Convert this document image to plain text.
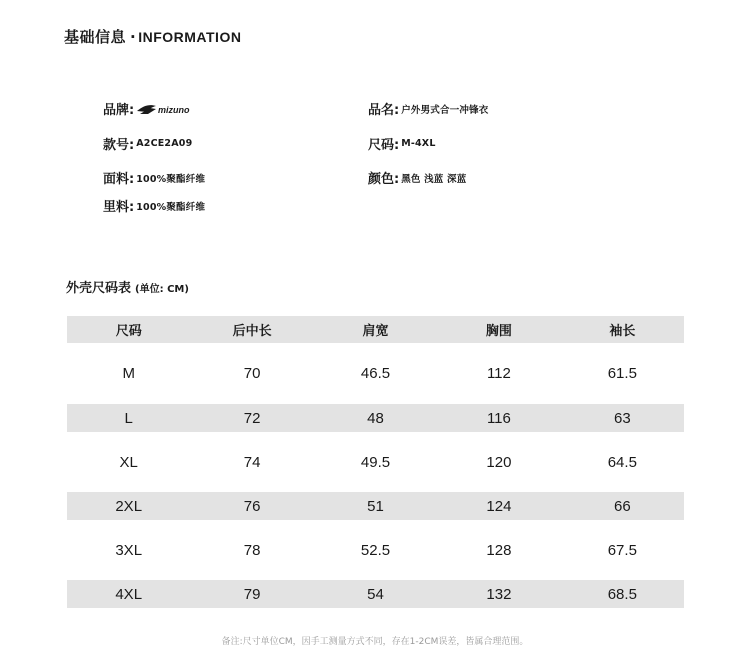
基础信息 · INFORMATION
品牌:	mizuno	品名: 户外男式合一冲锋衣
款号: A2CE2A09	尺码: M-4XL
面料: 100%聚酯纤维	颜色: 黑色 浅蓝 深蓝
里料: 100%聚酯纤维
外壳尺码表 (单位: CM)
尺码	后中长	肩宽	胸围	袖长
M	70	46.5	112	61.5
L	72	48	116	63
XL	74	49.5	120	64.5
2XL	76	51	124	66
3XL	78	52.5	128	67.5
4XL	79	54	132	68.5
备注:尺寸单位CM，因手工测量方式不同，存在1-2CM误差，皆属合理范围。
